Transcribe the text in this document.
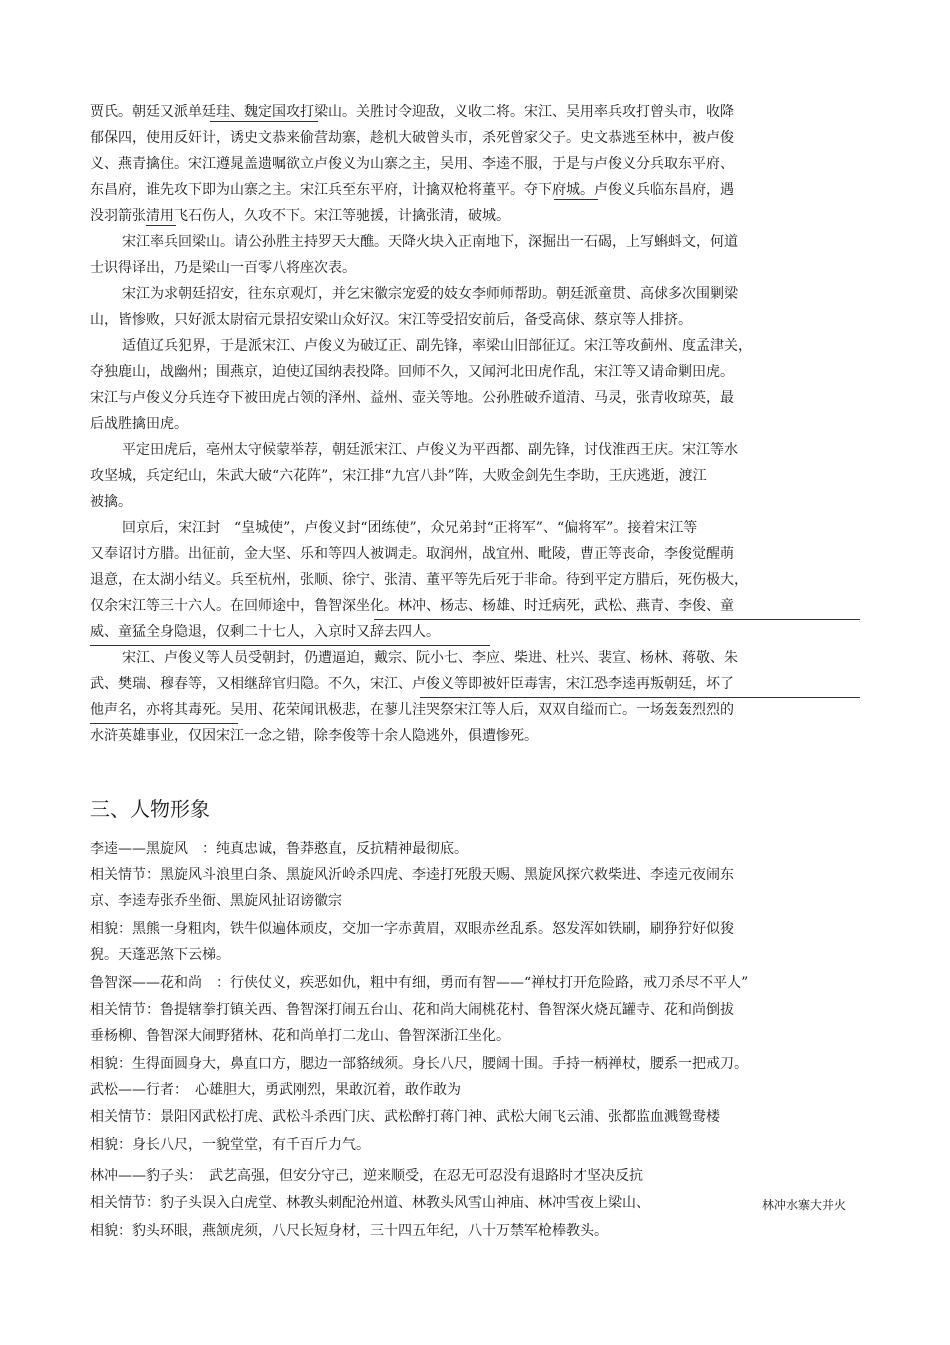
贾氏。朝廷又派单廷珪、魏定国攻打梁山。关胜讨令迎敌，义收二将。宋江、吴用率兵攻打曾头市，收降
郁保四，使用反奸计，诱史文恭来偷营劫寨，趁机大破曾头市，杀死曾家父子。史文恭逃至林中，被卢俊
义、燕青擒住。宋江遵晁盖遗嘱欲立卢俊义为山寨之主，吴用、李逵不服，于是与卢俊义分兵取东平府、
东昌府，谁先攻下即为山寨之主。宋江兵至东平府，计擒双枪将董平。夺下府城。卢俊义兵临东昌府，遇
没羽箭张清用飞石伤人，久攻不下。宋江等驰援，计擒张清，破城。
宋江率兵回梁山。请公孙胜主持罗天大醮。天降火块入正南地下，深掘出一石碣，上写蝌蚪文，何道
士识得译出，乃是梁山一百零八将座次表。
宋江为求朝廷招安，往东京观灯，并乞宋徽宗宠爱的妓女李师师帮助。朝廷派童贯、高俅多次围剿梁
山，皆惨败，只好派太尉宿元景招安梁山众好汉。宋江等受招安前后，备受高俅、蔡京等人排挤。
适值辽兵犯界，于是派宋江、卢俊义为破辽正、副先锋，率梁山旧部征辽。宋江等攻蓟州、度孟津关，
夺独鹿山，战幽州；围燕京，迫使辽国纳表投降。回师不久，又闻河北田虎作乱，宋江等又请命剿田虎。
宋江与卢俊义分兵连夺下被田虎占领的泽州、益州、壶关等地。公孙胜破乔道清、马灵，张青收琼英，最
后战胜擒田虎。
平定田虎后，亳州太守候蒙举荐，朝廷派宋江、卢俊义为平西都、副先锋，讨伐淮西王庆。宋江等水
攻坚城，兵定纪山，朱武大破“六花阵”，宋江排“九宫八卦”阵，大败金剑先生李助，王庆逃逝，渡江
被擒。
回京后，宋江封　“皇城使”，卢俊义封“团练使”，众兄弟封“正将军”、“偏将军”。接着宋江等
又奉诏讨方腊。出征前，金大坚、乐和等四人被调走。取润州，战宜州、毗陵，曹正等丧命，李俊觉醒萌
退意，在太湖小结义。兵至杭州，张顺、徐宁、张清、董平等先后死于非命。待到平定方腊后，死伤极大，
仅余宋江等三十六人。在回师途中，鲁智深坐化。林冲、杨志、杨雄、时迁病死，武松、燕青、李俊、童
威、童猛全身隐退，仅剩二十七人，入京时又辞去四人。
宋江、卢俊义等人员受朝封，仍遭逼迫，戴宗、阮小七、李应、柴进、杜兴、裴宣、杨林、蒋敬、朱
武、樊瑞、穆春等，又相继辞官归隐。不久，宋江、卢俊义等即被奸臣毒害，宋江恐李逵再叛朝廷，坏了
他声名，亦将其毒死。吴用、花荣闻讯极悲，在蓼儿洼哭祭宋江等人后，双双自缢而亡。一场轰轰烈烈的
水浒英雄事业，仅因宋江一念之错，除李俊等十余人隐逃外，俱遭惨死。
三、人物形象
李逵——黑旋风　：纯真忠诚，鲁莽憨直，反抗精神最彻底。
相关情节：黑旋风斗浪里白条、黑旋风沂岭杀四虎、李逵打死殷天赐、黑旋风探穴救柴进、李逵元夜闹东
京、李逵寿张乔坐衙、黑旋风扯诏谤徽宗
相貌：黑熊一身粗肉，铁牛似遍体顽皮，交加一字赤黄眉，双眼赤丝乱系。怒发浑如铁刷，刷狰狞好似狻
猊。天蓬恶煞下云梯。
鲁智深——花和尚　：行侠仗义，疾恶如仇，粗中有细，勇而有智——“禅杖打开危险路，戒刀杀尽不平人”
相关情节：鲁提辖拳打镇关西、鲁智深打闹五台山、花和尚大闹桃花村、鲁智深火烧瓦罐寺、花和尚倒拔
垂杨柳、鲁智深大闹野猪林、花和尚单打二龙山、鲁智深浙江坐化。
相貌：生得面圆身大，鼻直口方，腮边一部貉绒须。身长八尺，腰阔十围。手持一柄禅杖，腰系一把戒刀。
武松——行者：　心雄胆大，勇武刚烈，果敢沉着，敢作敢为
相关情节：景阳冈武松打虎、武松斗杀西门庆、武松醉打蒋门神、武松大闹飞云浦、张都监血溅鸳鸯楼
相貌：身长八尺，一貌堂堂，有千百斤力气。
林冲——豹子头：　武艺高强，但安分守己，逆来顺受，在忍无可忍没有退路时才坚决反抗
相关情节：豹子头误入白虎堂、林教头刺配沧州道、林教头风雪山神庙、林冲雪夜上梁山、
相貌：豹头环眼，燕颔虎须，八尺长短身材，三十四五年纪，八十万禁军枪棒教头。
林冲水寨大并火
